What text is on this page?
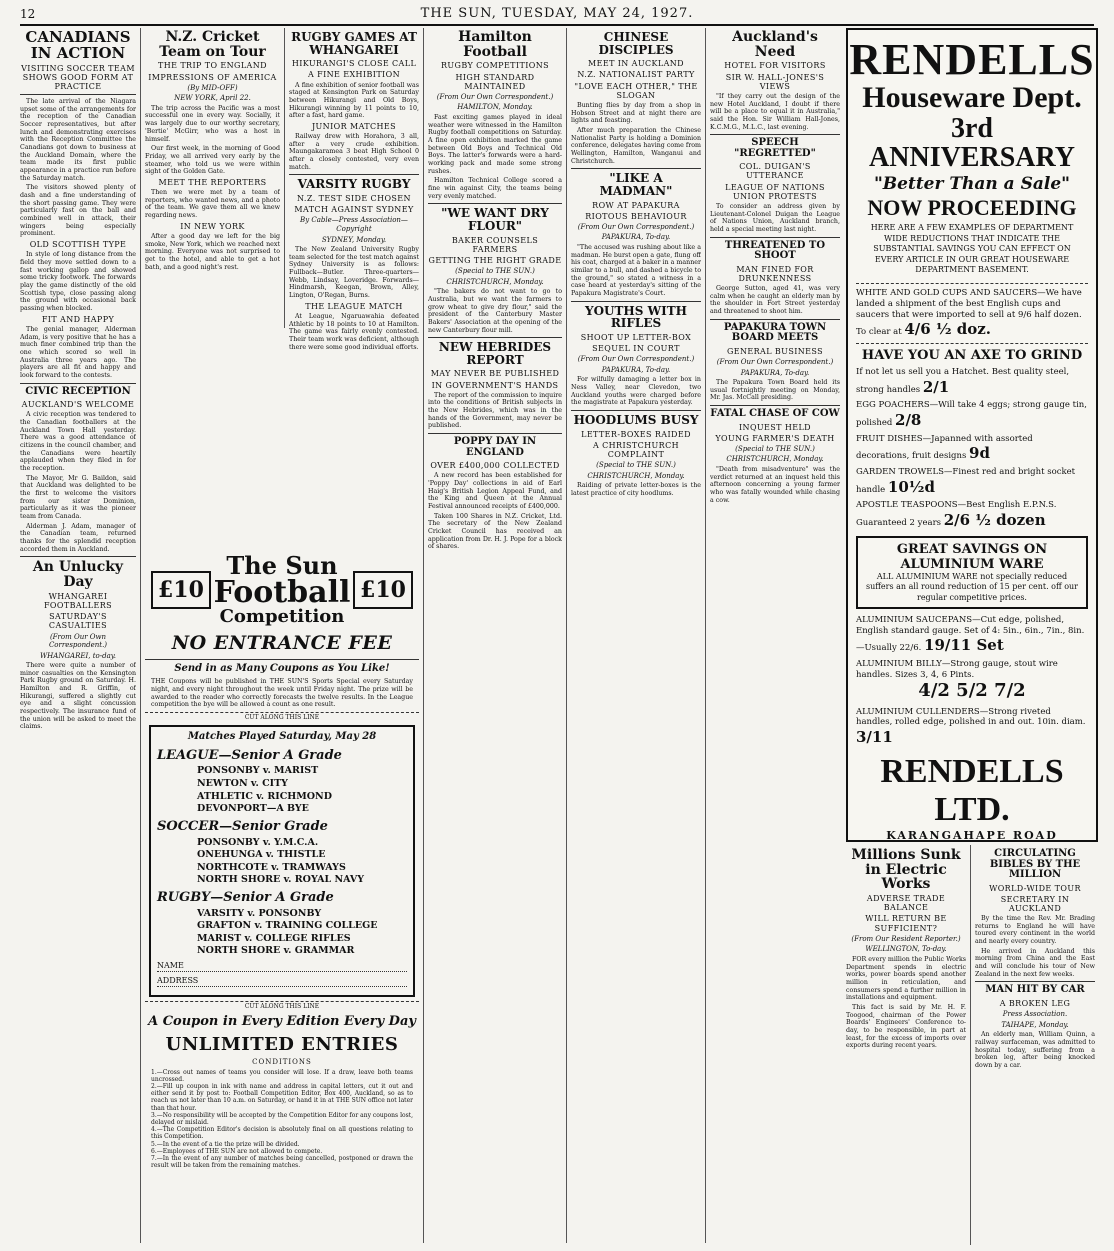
12	THE SUN, TUESDAY, MAY 24, 1927.
CANADIANS IN ACTION
VISITING SOCCER TEAM SHOWS GOOD FORM AT PRACTICE

The late arrival of the Niagara upset some of the arrangements for the reception of the Canadian Soccer representatives, but after lunch and demonstrating exercises with the Reception Committee the Canadians got down to business at the Auckland Domain, where the team made its first public appearance in a practice run before the Saturday match.

The visitors showed plenty of dash and a fine understanding of the short passing game. They were particularly fast on the ball and combined well in attack, their wingers being especially prominent.

OLD SCOTTISH TYPE

In style of long distance from the field they move settled down to a fast working gallop and showed some tricky footwork. The forwards play the game distinctly of the old Scottish type, close passing along the ground with occasional back passing when blocked.

FIT AND HAPPY

The genial manager, Alderman Adam, is very positive that he has a much finer combined trip than the one which scored so well in Australia three years ago. The players are all fit and happy and look forward to the contests.

CIVIC RECEPTION
AUCKLAND'S WELCOME

A civic reception was tendered to the Canadian footballers at the Auckland Town Hall yesterday. There was a good attendance of citizens in the council chamber, and the Canadians were heartily applauded when they filed in for the reception.

The Mayor, Mr G. Baildon, said that Auckland was delighted to be the first to welcome the visitors from our sister Dominion, particularly as it was the pioneer team from Canada.

Alderman J. Adam, manager of the Canadian team, returned thanks for the splendid reception accorded them in Auckland.

An Unlucky Day
WHANGAREI FOOTBALLERS
SATURDAY'S CASUALTIES
(From Our Own Correspondent.)
WHANGAREI, to-day.

There were quite a number of minor casualties on the Kensington Park Rugby ground on Saturday. H. Hamilton and R. Griffin, of Hikurangi, suffered a slightly cut eye and a slight concussion respectively. The insurance fund of the union will be asked to meet the claims.

N.Z. Cricket Team on Tour
THE TRIP TO ENGLAND
IMPRESSIONS OF AMERICA
(By MID-OFF)
NEW YORK, April 22.

The trip across the Pacific was a most successful one in every way. Socially, it was largely due to our worthy secretary, 'Bertie' McGirr, who was a host in himself.

Our first week, in the morning of Good Friday, we all arrived very early by the steamer, who told us we were within sight of the Golden Gate.

MEET THE REPORTERS

Then we were met by a team of reporters, who wanted news, and a photo of the team. We gave them all we knew regarding news.

IN NEW YORK

After a good day we left for the big smoke, New York, which we reached next morning. Everyone was not surprised to get to the hotel, and able to get a hot bath, and a good night's rest.

RUGBY GAMES AT WHANGAREI
HIKURANGI'S CLOSE CALL
A FINE EXHIBITION

A fine exhibition of senior football was staged at Kensington Park on Saturday between Hikurangi and Old Boys, Hikurangi winning by 11 points to 10, after a fast, hard game.

JUNIOR MATCHES

Railway drew with Horahora, 3 all, after a very crude exhibition. Maungakaramea 3 beat High School 0 after a closely contested, very even match.

VARSITY RUGBY
N.Z. TEST SIDE CHOSEN
MATCH AGAINST SYDNEY
By Cable—Press Association—Copyright
SYDNEY, Monday.

The New Zealand University Rugby team selected for the test match against Sydney University is as follows: Fullback—Butler. Three-quarters—Webb, Lindsay, Loveridge. Forwards—Hindmarsh, Keegan, Brown, Alley, Lington, O'Regan, Burns.

THE LEAGUE MATCH

At League, Ngaruawahia defeated Athletic by 18 points to 10 at Hamilton. The game was fairly evenly contested. Their team work was deficient, although there were some good individual efforts.

£10
The Sun
Football
Competition
£10
NO ENTRANCE FEE
Send in as Many Coupons as You Like!
THE Coupons will be published in THE SUN'S Sports Special every Saturday night, and every night throughout the week until Friday night. The prize will be awarded to the reader who correctly forecasts the twelve results. In the League competition the bye will be allowed a count as one result.
CUT ALONG THIS LINE
Matches Played Saturday, May 28
LEAGUE—Senior A Grade
PONSONBY v. MARIST
NEWTON v. CITY
ATHLETIC v. RICHMOND
DEVONPORT—A BYE
SOCCER—Senior Grade
PONSONBY v. Y.M.C.A.
ONEHUNGA v. THISTLE
NORTHCOTE v. TRAMWAYS
NORTH SHORE v. ROYAL NAVY
RUGBY—Senior A Grade
VARSITY v. PONSONBY
GRAFTON v. TRAINING COLLEGE
MARIST v. COLLEGE RIFLES
NORTH SHORE v. GRAMMAR
NAME
ADDRESS
CUT ALONG THIS LINE
A Coupon in Every Edition Every Day
UNLIMITED ENTRIES
CONDITIONS
1.—Cross out names of teams you consider will lose. If a draw, leave both teams uncrossed.
2.—Fill up coupon in ink with name and address in capital letters, cut it out and either send it by post to: Football Competition Editor, Box 400, Auckland, so as to reach us not later than 10 a.m. on Saturday, or hand it in at THE SUN office not later than that hour.
3.—No responsibility will be accepted by the Competition Editor for any coupons lost, delayed or mislaid.
4.—The Competition Editor's decision is absolutely final on all questions relating to this Competition.
5.—In the event of a tie the prize will be divided.
6.—Employees of THE SUN are not allowed to compete.
7.—In the event of any number of matches being cancelled, postponed or drawn the result will be taken from the remaining matches.
Hamilton Football
RUGBY COMPETITIONS
HIGH STANDARD MAINTAINED
(From Our Own Correspondent.)
HAMILTON, Monday.

Fast exciting games played in ideal weather were witnessed in the Hamilton Rugby football competitions on Saturday. A fine open exhibition marked the game between Old Boys and Technical Old Boys. The latter's forwards were a hard-working pack and made some strong rushes.

Hamilton Technical College scored a fine win against City, the teams being very evenly matched.

"WE WANT DRY FLOUR"
BAKER COUNSELS FARMERS
GETTING THE RIGHT GRADE
(Special to THE SUN.)
CHRISTCHURCH, Monday.

"The bakers do not want to go to Australia, but we want the farmers to grow wheat to give dry flour," said the president of the Canterbury Master Bakers' Association at the opening of the new Canterbury flour mill.

NEW HEBRIDES REPORT
MAY NEVER BE PUBLISHED
IN GOVERNMENT'S HANDS

The report of the commission to inquire into the conditions of British subjects in the New Hebrides, which was in the hands of the Government, may never be published.

POPPY DAY IN ENGLAND
OVER £400,000 COLLECTED

A new record has been established for 'Poppy Day' collections in aid of Earl Haig's British Legion Appeal Fund, and the King and Queen at the Annual Festival announced receipts of £400,000.

Taken 100 Shares in N.Z. Cricket, Ltd. The secretary of the New Zealand Cricket Council has received an application from Dr. H. J. Pope for a block of shares.

CHINESE DISCIPLES
MEET IN AUCKLAND
N.Z. NATIONALIST PARTY
"LOVE EACH OTHER," THE SLOGAN

Bunting flies by day from a shop in Hobson Street and at night there are lights and feasting.

After much preparation the Chinese Nationalist Party is holding a Dominion conference, delegates having come from Wellington, Hamilton, Wanganui and Christchurch.

"LIKE A MADMAN"
ROW AT PAPAKURA
RIOTOUS BEHAVIOUR
(From Our Own Correspondent.)
PAPAKURA, To-day.

"The accused was rushing about like a madman. He burst open a gate, flung off his coat, charged at a baker in a manner similar to a bull, and dashed a bicycle to the ground," so stated a witness in a case heard at yesterday's sitting of the Papakura Magistrate's Court.

YOUTHS WITH RIFLES
SHOOT UP LETTER-BOX
SEQUEL IN COURT
(From Our Own Correspondent.)
PAPAKURA, To-day.

For wilfully damaging a letter box in Ness Valley, near Clevedon, two Auckland youths were charged before the magistrate at Papakura yesterday.

HOODLUMS BUSY
LETTER-BOXES RAIDED
A CHRISTCHURCH COMPLAINT
(Special to THE SUN.)
CHRISTCHURCH, Monday.

Raiding of private letter-boxes is the latest practice of city hoodlums.

Auckland's Need
HOTEL FOR VISITORS
SIR W. HALL-JONES'S VIEWS

"If they carry out the design of the new Hotel Auckland, I doubt if there will be a place to equal it in Australia," said the Hon. Sir William Hall-Jones, K.C.M.G., M.L.C., last evening.

SPEECH "REGRETTED"
COL. DUIGAN'S UTTERANCE
LEAGUE OF NATIONS UNION PROTESTS

To consider an address given by Lieutenant-Colonel Duigan the League of Nations Union, Auckland branch, held a special meeting last night.

THREATENED TO SHOOT
MAN FINED FOR DRUNKENNESS

George Sutton, aged 41, was very calm when he caught an elderly man by the shoulder in Fort Street yesterday and threatened to shoot him.

PAPAKURA TOWN BOARD MEETS
GENERAL BUSINESS
(From Our Own Correspondent.)
PAPAKURA, To-day.

The Papakura Town Board held its usual fortnightly meeting on Monday, Mr. Jas. McCall presiding.

FATAL CHASE OF COW
INQUEST HELD
YOUNG FARMER'S DEATH
(Special to THE SUN.)
CHRISTCHURCH, Monday.

"Death from misadventure" was the verdict returned at an inquest held this afternoon concerning a young farmer who was fatally wounded while chasing a cow.

RENDELLS
Houseware Dept.
3rd ANNIVERSARY
"Better Than a Sale"
NOW PROCEEDING
HERE ARE A FEW EXAMPLES OF DEPARTMENT WIDE REDUCTIONS THAT INDICATE THE SUBSTANTIAL SAVINGS YOU CAN EFFECT ON EVERY ARTICLE IN OUR GREAT HOUSEWARE DEPARTMENT BASEMENT.
WHITE AND GOLD CUPS AND SAUCERS—We have landed a shipment of the best English cups and saucers that were imported to sell at 9/6 half dozen. To clear at 4/6 ½ doz.
HAVE YOU AN AXE TO GRIND
If not let us sell you a Hatchet. Best quality steel, strong handles 2/1
EGG POACHERS—Will take 4 eggs; strong gauge tin, polished 2/8
FRUIT DISHES—Japanned with assorted decorations, fruit designs 9d
GARDEN TROWELS—Finest red and bright socket handle 10½d
APOSTLE TEASPOONS—Best English E.P.N.S. Guaranteed 2 years 2/6 ½ dozen
GREAT SAVINGS ON ALUMINIUM WARE
ALL ALUMINIUM WARE not specially reduced suffers an all round reduction of 15 per cent. off our regular competitive prices.
ALUMINIUM SAUCEPANS—Cut edge, polished, English standard gauge. Set of 4: 5in., 6in., 7in., 8in.—Usually 22/6. 19/11 Set
ALUMINIUM BILLY—Strong gauge, stout wire handles. Sizes 3, 4, 6 Pints.
4/2 5/2 7/2
ALUMINIUM CULLENDERS—Strong riveted handles, rolled edge, polished in and out. 10in. diam. 3/11
RENDELLS LTD.
KARANGAHAPE ROAD
Millions Sunk in Electric Works
ADVERSE TRADE BALANCE
WILL RETURN BE SUFFICIENT?
(From Our Resident Reporter.)
WELLINGTON, To-day.

FOR every million the Public Works Department spends in electric works, power boards spend another million in reticulation, and consumers spend a further million in installations and equipment.

This fact is said by Mr. H. F. Toogood, chairman of the Power Boards' Engineers' Conference to-day, to be responsible, in part at least, for the excess of imports over exports during recent years.

CIRCULATING BIBLES BY THE MILLION
WORLD-WIDE TOUR
SECRETARY IN AUCKLAND

By the time the Rev. Mr. Brading returns to England he will have toured every continent in the world and nearly every country.

He arrived in Auckland this morning from China and the East and will conclude his tour of New Zealand in the next few weeks.

MAN HIT BY CAR
A BROKEN LEG
Press Association.
TAIHAPE, Monday.

An elderly man, William Quinn, a railway surfaceman, was admitted to hospital today, suffering from a broken leg, after being knocked down by a car.
